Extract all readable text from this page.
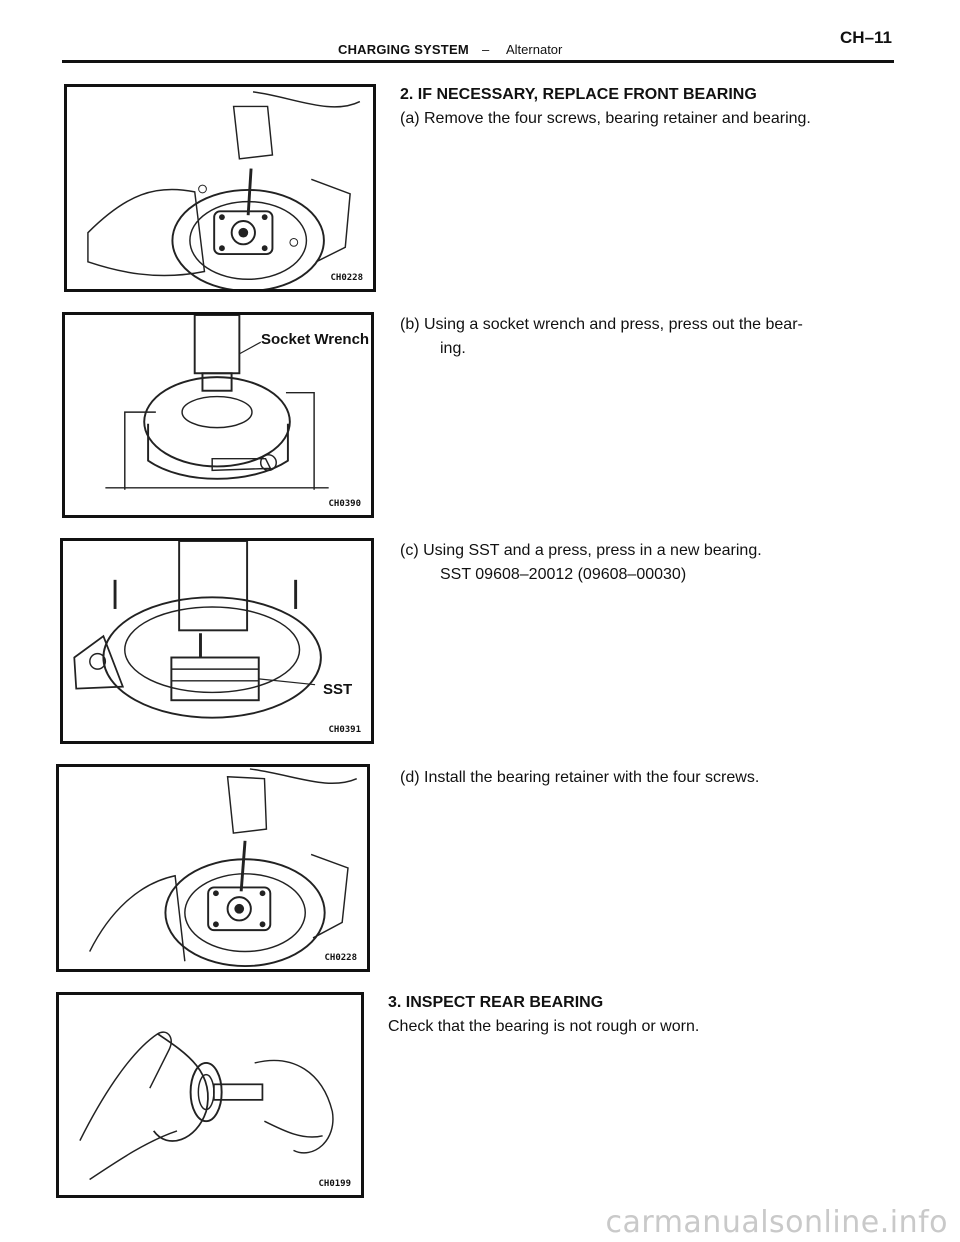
CHARGING SYSTEM – Alternator
CH–11
CH0228
Socket Wrench
CH0390
SST
CH0391
CH0228
CH0199
2. IF NECESSARY, REPLACE FRONT BEARING
(a) Remove the four screws, bearing retainer and bearing.
(b) Using a socket wrench and press, press out the bear-
ing.
(c) Using SST and a press, press in a new bearing.
SST 09608–20012 (09608–00030)
(d) Install the bearing retainer with the four screws.
3. INSPECT REAR BEARING
Check that the bearing is not rough or worn.
carmanualsonline.info
